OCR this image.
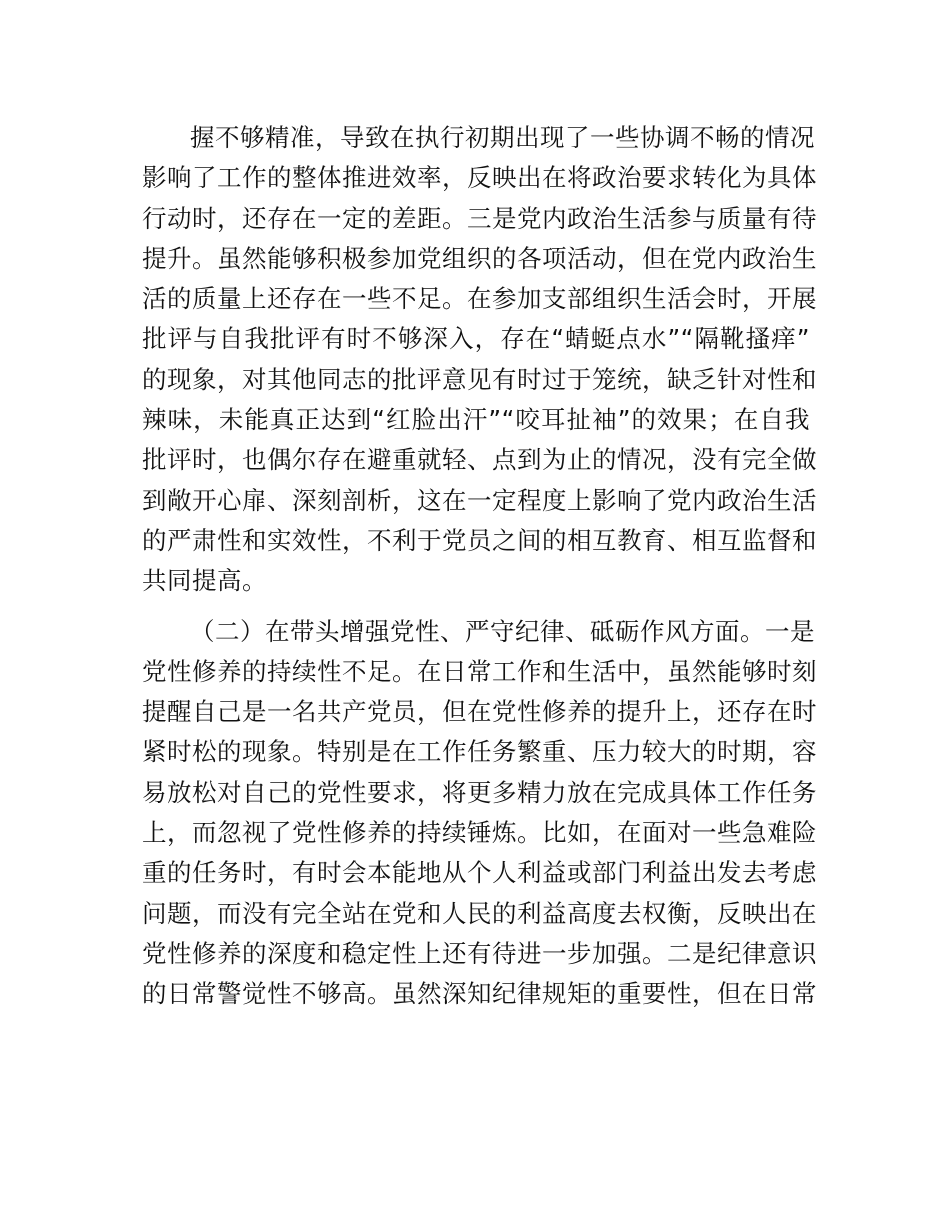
握不够精准，导致在执行初期出现了一些协调不畅的情况
影响了工作的整体推进效率，反映出在将政治要求转化为具体
行动时，还存在一定的差距。三是党内政治生活参与质量有待
提升。虽然能够积极参加党组织的各项活动，但在党内政治生
活的质量上还存在一些不足。在参加支部组织生活会时，开展
批评与自我批评有时不够深入，存在“蜻蜓点水”“隔靴搔痒”
的现象，对其他同志的批评意见有时过于笼统，缺乏针对性和
辣味，未能真正达到“红脸出汗”“咬耳扯袖”的效果；在自我
批评时，也偶尔存在避重就轻、点到为止的情况，没有完全做
到敞开心扉、深刻剖析，这在一定程度上影响了党内政治生活
的严肃性和实效性，不利于党员之间的相互教育、相互监督和
共同提高。
（二）在带头增强党性、严守纪律、砥砺作风方面。一是
党性修养的持续性不足。在日常工作和生活中，虽然能够时刻
提醒自己是一名共产党员，但在党性修养的提升上，还存在时
紧时松的现象。特别是在工作任务繁重、压力较大的时期，容
易放松对自己的党性要求，将更多精力放在完成具体工作任务
上，而忽视了党性修养的持续锤炼。比如，在面对一些急难险
重的任务时，有时会本能地从个人利益或部门利益出发去考虑
问题，而没有完全站在党和人民的利益高度去权衡，反映出在
党性修养的深度和稳定性上还有待进一步加强。二是纪律意识
的日常警觉性不够高。虽然深知纪律规矩的重要性，但在日常
